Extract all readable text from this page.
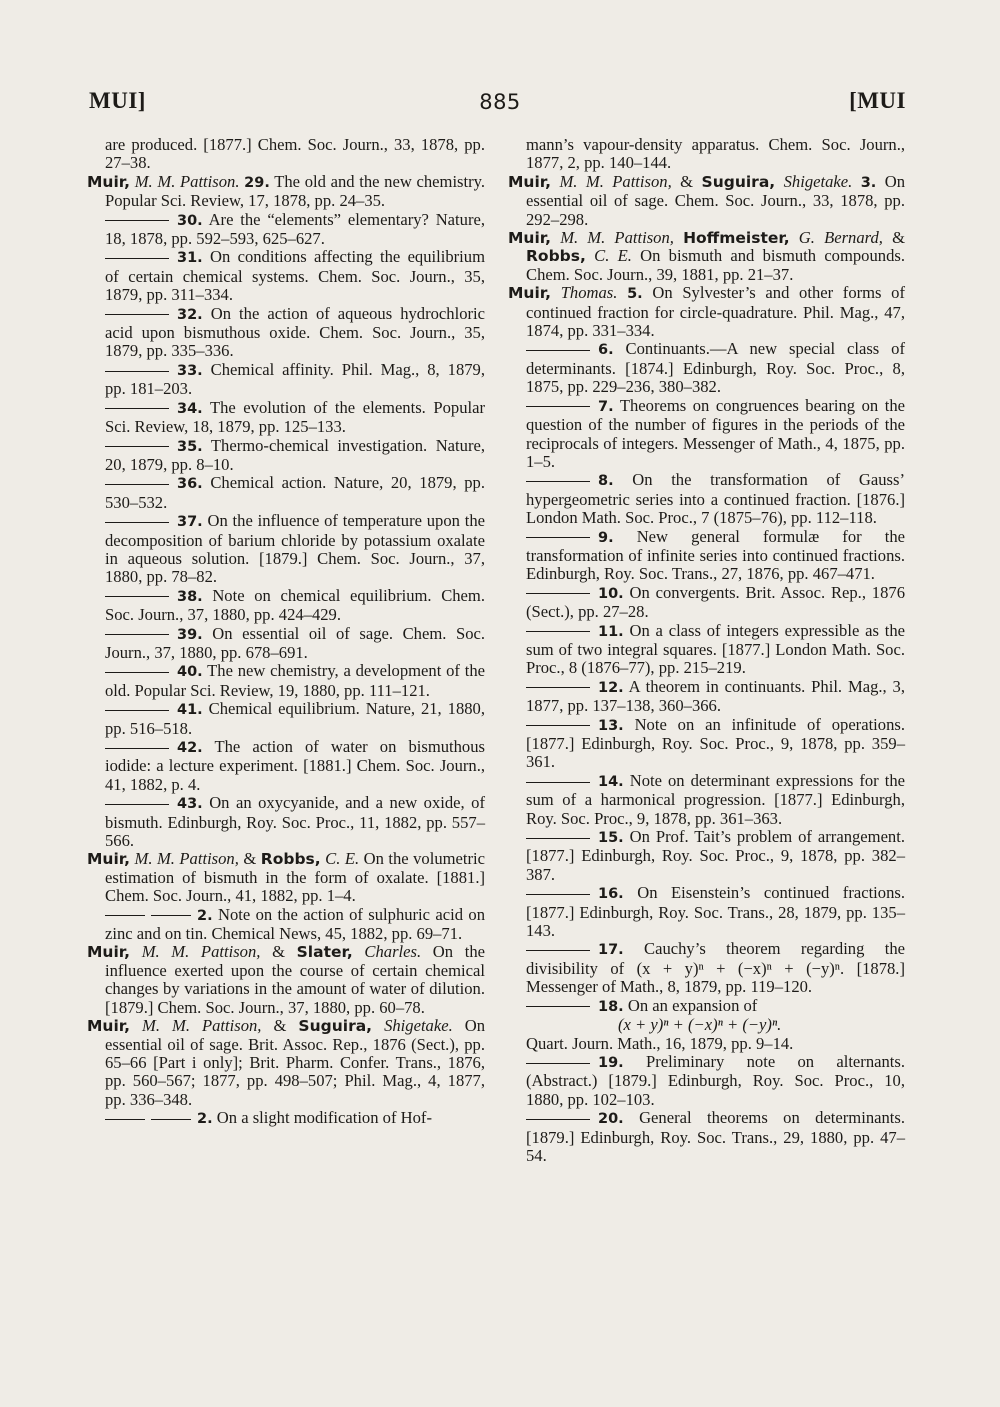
MUI]	885	[MUI

are produced. [1877.] Chem. Soc. Journ., 33, 1878, pp. 27–38.

Muir, M. M. Pattison. 29. The old and the new chemistry. Popular Sci. Review, 17, 1878, pp. 24–35.

30. Are the “elements” elementary? Nature, 18, 1878, pp. 592–593, 625–627.

31. On conditions affecting the equilibrium of certain chemical systems. Chem. Soc. Journ., 35, 1879, pp. 311–334.

32. On the action of aqueous hydrochloric acid upon bismuthous oxide. Chem. Soc. Journ., 35, 1879, pp. 335–336.

33. Chemical affinity. Phil. Mag., 8, 1879, pp. 181–203.

34. The evolution of the elements. Popular Sci. Review, 18, 1879, pp. 125–133.

35. Thermo-chemical investigation. Nature, 20, 1879, pp. 8–10.

36. Chemical action. Nature, 20, 1879, pp. 530–532.

37. On the influence of temperature upon the decomposition of barium chloride by potassium oxalate in aqueous solution. [1879.] Chem. Soc. Journ., 37, 1880, pp. 78–82.

38. Note on chemical equilibrium. Chem. Soc. Journ., 37, 1880, pp. 424–429.

39. On essential oil of sage. Chem. Soc. Journ., 37, 1880, pp. 678–691.

40. The new chemistry, a development of the old. Popular Sci. Review, 19, 1880, pp. 111–121.

41. Chemical equilibrium. Nature, 21, 1880, pp. 516–518.

42. The action of water on bismuthous iodide: a lecture experiment. [1881.] Chem. Soc. Journ., 41, 1882, p. 4.

43. On an oxycyanide, and a new oxide, of bismuth. Edinburgh, Roy. Soc. Proc., 11, 1882, pp. 557–566.

Muir, M. M. Pattison, & Robbs, C. E. On the volumetric estimation of bismuth in the form of oxalate. [1881.] Chem. Soc. Journ., 41, 1882, pp. 1–4.

2. Note on the action of sulphuric acid on zinc and on tin. Chemical News, 45, 1882, pp. 69–71.

Muir, M. M. Pattison, & Slater, Charles. On the influence exerted upon the course of certain chemical changes by variations in the amount of water of dilution. [1879.] Chem. Soc. Journ., 37, 1880, pp. 60–78.

Muir, M. M. Pattison, & Suguira, Shigetake. On essential oil of sage. Brit. Assoc. Rep., 1876 (Sect.), pp. 65–66 [Part i only]; Brit. Pharm. Confer. Trans., 1876, pp. 560–567; 1877, pp. 498–507; Phil. Mag., 4, 1877, pp. 336–348.

2. On a slight modification of Hof-

mann’s vapour-density apparatus. Chem. Soc. Journ., 1877, 2, pp. 140–144.

Muir, M. M. Pattison, & Suguira, Shigetake. 3. On essential oil of sage. Chem. Soc. Journ., 33, 1878, pp. 292–298.

Muir, M. M. Pattison, Hoffmeister, G. Bernard, & Robbs, C. E. On bismuth and bismuth compounds. Chem. Soc. Journ., 39, 1881, pp. 21–37.

Muir, Thomas. 5. On Sylvester’s and other forms of continued fraction for circle-quadrature. Phil. Mag., 47, 1874, pp. 331–334.

6. Continuants.—A new special class of determinants. [1874.] Edinburgh, Roy. Soc. Proc., 8, 1875, pp. 229–236, 380–382.

7. Theorems on congruences bearing on the question of the number of figures in the periods of the reciprocals of integers. Messenger of Math., 4, 1875, pp. 1–5.

8. On the transformation of Gauss’ hypergeometric series into a continued fraction. [1876.] London Math. Soc. Proc., 7 (1875–76), pp. 112–118.

9. New general formulæ for the transformation of infinite series into continued fractions. Edinburgh, Roy. Soc. Trans., 27, 1876, pp. 467–471.

10. On convergents. Brit. Assoc. Rep., 1876 (Sect.), pp. 27–28.

11. On a class of integers expressible as the sum of two integral squares. [1877.] London Math. Soc. Proc., 8 (1876–77), pp. 215–219.

12. A theorem in continuants. Phil. Mag., 3, 1877, pp. 137–138, 360–366.

13. Note on an infinitude of operations. [1877.] Edinburgh, Roy. Soc. Proc., 9, 1878, pp. 359–361.

14. Note on determinant expressions for the sum of a harmonical progression. [1877.] Edinburgh, Roy. Soc. Proc., 9, 1878, pp. 361–363.

15. On Prof. Tait’s problem of arrangement. [1877.] Edinburgh, Roy. Soc. Proc., 9, 1878, pp. 382–387.

16. On Eisenstein’s continued fractions. [1877.] Edinburgh, Roy. Soc. Trans., 28, 1879, pp. 135–143.

17. Cauchy’s theorem regarding the divisibility of (x + y)ⁿ + (−x)ⁿ + (−y)ⁿ. [1878.] Messenger of Math., 8, 1879, pp. 119–120.

18. On an expansion of

(x + y)ⁿ + (−x)ⁿ + (−y)ⁿ.

Quart. Journ. Math., 16, 1879, pp. 9–14.

19. Preliminary note on alternants. (Abstract.) [1879.] Edinburgh, Roy. Soc. Proc., 10, 1880, pp. 102–103.

20. General theorems on determinants. [1879.] Edinburgh, Roy. Soc. Trans., 29, 1880, pp. 47–54.
